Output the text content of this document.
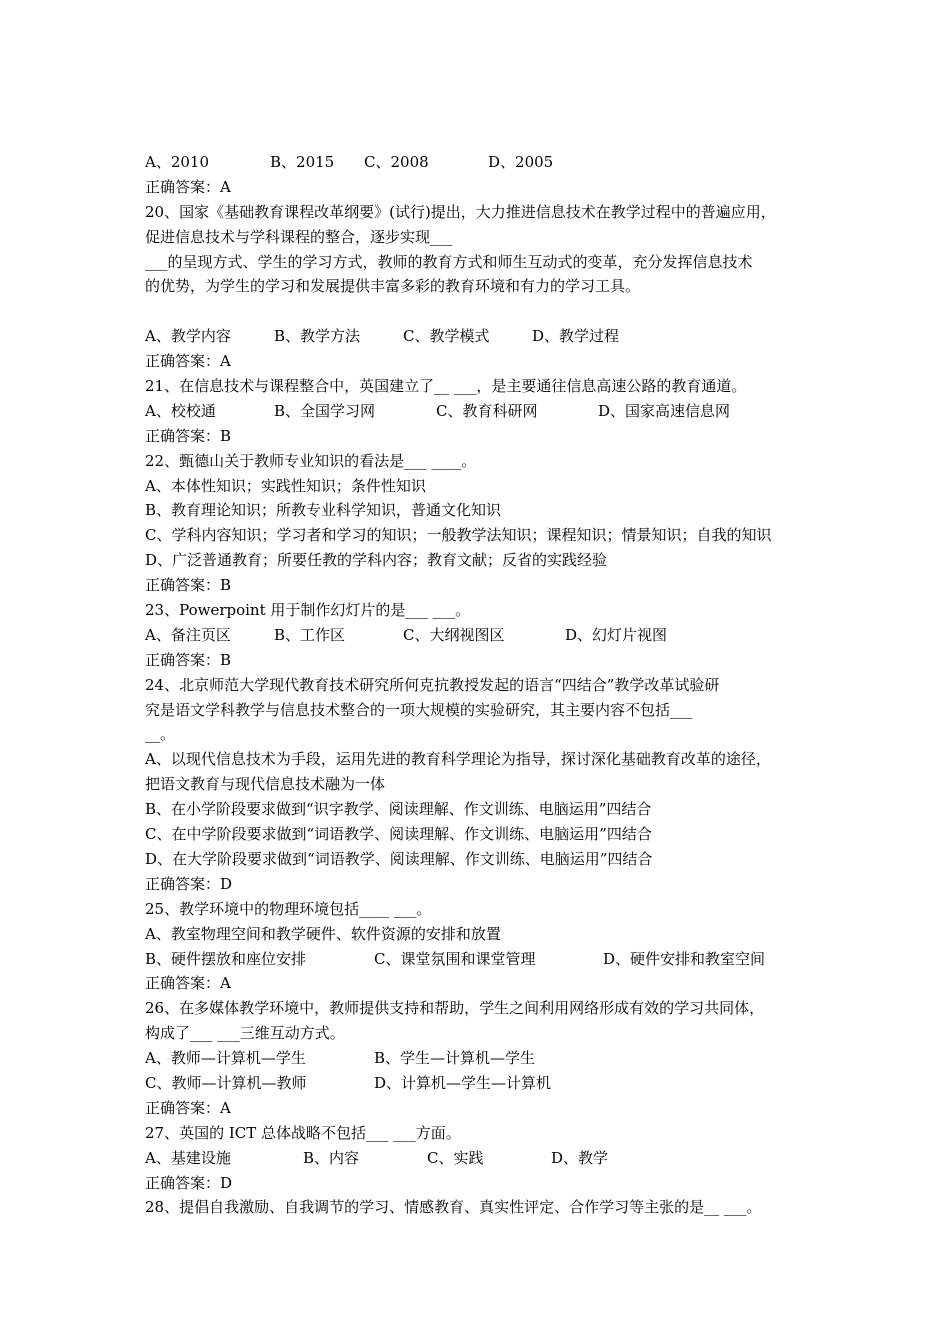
A、2010	B、2015 C、2008	D、2005
正确答案：A
20、国家《基础教育课程改革纲要》(试行)提出，大力推进信息技术在教学过程中的普遍应用，
促进信息技术与学科课程的整合，逐步实现___
___的呈现方式、学生的学习方式，教师的教育方式和师生互动式的变革，充分发挥信息技术
的优势，为学生的学习和发展提供丰富多彩的教育环境和有力的学习工具。
A、教学内容	B、教学方法	C、教学模式	D、教学过程
正确答案：A
21、在信息技术与课程整合中，英国建立了__ ___，是主要通往信息高速公路的教育通道。
A、校校通	B、全国学习网	C、教育科研网	D、国家高速信息网
正确答案：B
22、甄德山关于教师专业知识的看法是___ ____。
A、本体性知识；实践性知识；条件性知识
B、教育理论知识；所教专业科学知识，普通文化知识
C、学科内容知识；学习者和学习的知识；一般教学法知识；课程知识；情景知识；自我的知识
D、广泛普通教育；所要任教的学科内容；教育文献；反省的实践经验
正确答案：B
23、Powerpoint 用于制作幻灯片的是___ ___。
A、备注页区	B、工作区	C、大纲视图区	D、幻灯片视图
正确答案：B
24、北京师范大学现代教育技术研究所何克抗教授发起的语言“四结合”教学改革试验研
究是语文学科教学与信息技术整合的一项大规模的实验研究，其主要内容不包括___
__。
A、以现代信息技术为手段，运用先进的教育科学理论为指导，探讨深化基础教育改革的途径，
把语文教育与现代信息技术融为一体
B、在小学阶段要求做到“识字教学、阅读理解、作文训练、电脑运用”四结合
C、在中学阶段要求做到“词语教学、阅读理解、作文训练、电脑运用”四结合
D、在大学阶段要求做到“词语教学、阅读理解、作文训练、电脑运用”四结合
正确答案：D
25、教学环境中的物理环境包括____ ___。
A、教室物理空间和教学硬件、软件资源的安排和放置
B、硬件摆放和座位安排	C、课堂氛围和课堂管理	D、硬件安排和教室空间
正确答案：A
26、在多媒体教学环境中，教师提供支持和帮助，学生之间利用网络形成有效的学习共同体，
构成了___ ___三维互动方式。
A、教师—计算机—学生	B、学生—计算机—学生
C、教师—计算机—教师	D、计算机—学生—计算机
正确答案：A
27、英国的 ICT 总体战略不包括___ ___方面。
A、基建设施	B、内容	C、实践	D、教学
正确答案：D
28、提倡自我激励、自我调节的学习、情感教育、真实性评定、合作学习等主张的是__ ___。
